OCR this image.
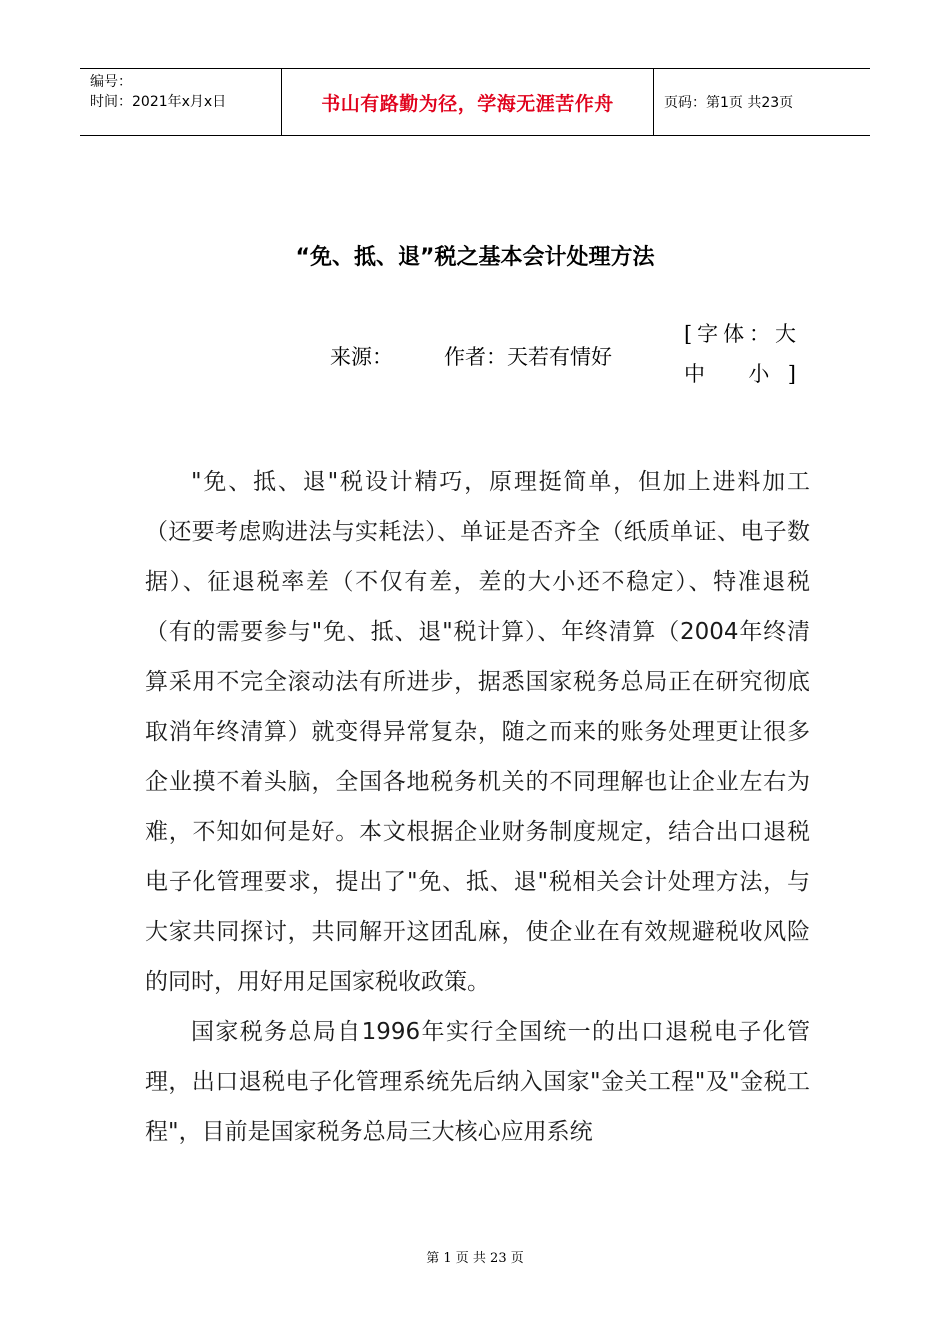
编号：
时间：2021年x月x日	书山有路勤为径，学海无涯苦作舟	页码：第1页 共23页
“免、抵、退”税之基本会计处理方法
来源： 作者：天若有情好
[字体：大
中 小]

"免、抵、退"税设计精巧，原理挺简单，但加上进料加工（还要考虑购进法与实耗法）、单证是否齐全（纸质单证、电子数据）、征退税率差（不仅有差，差的大小还不稳定）、特准退税（有的需要参与"免、抵、退"税计算）、年终清算（2004年终清算采用不完全滚动法有所进步，据悉国家税务总局正在研究彻底取消年终清算）就变得异常复杂，随之而来的账务处理更让很多企业摸不着头脑，全国各地税务机关的不同理解也让企业左右为难，不知如何是好。本文根据企业财务制度规定，结合出口退税电子化管理要求，提出了"免、抵、退"税相关会计处理方法，与大家共同探讨，共同解开这团乱麻，使企业在有效规避税收风险的同时，用好用足国家税收政策。

国家税务总局自1996年实行全国统一的出口退税电子化管理，出口退税电子化管理系统先后纳入国家"金关工程"及"金税工程"，目前是国家税务总局三大核心应用系统

第 1 页 共 23 页
